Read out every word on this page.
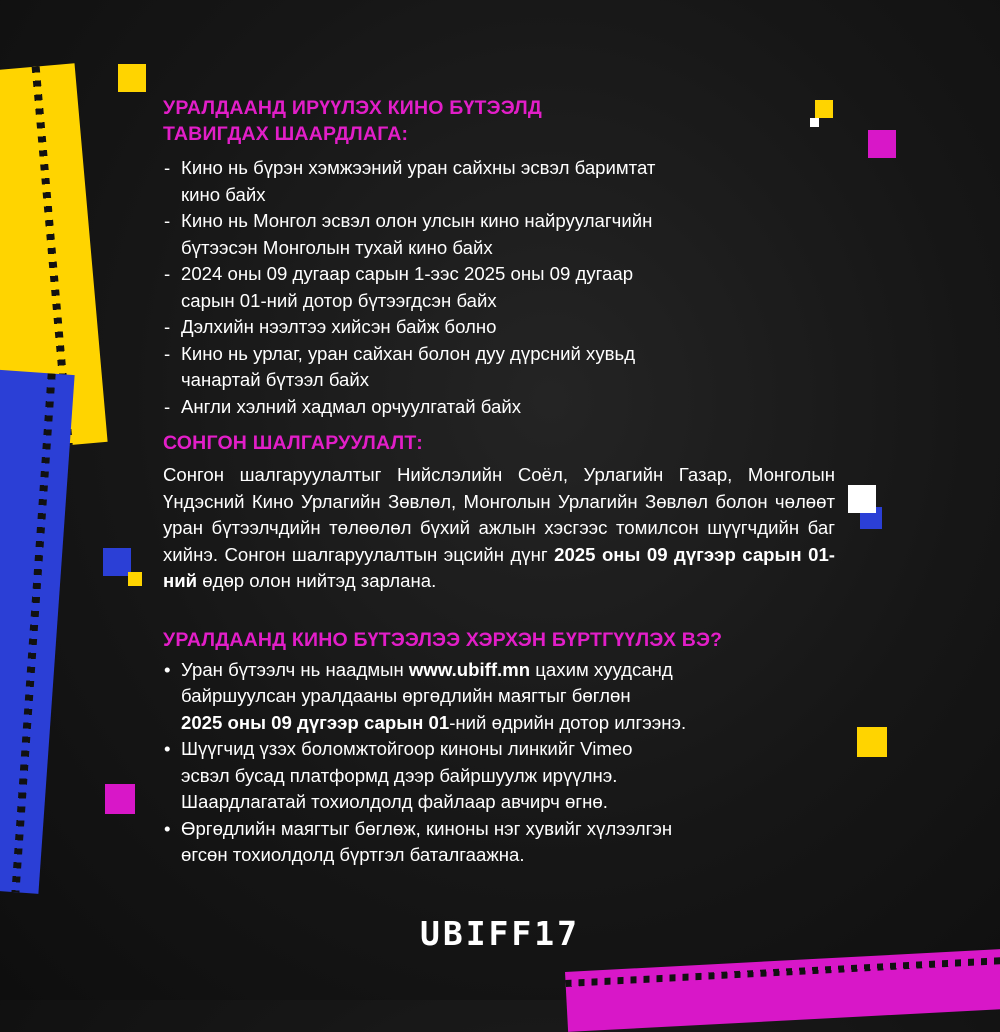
УРАЛДААНД ИРҮҮЛЭХ КИНО БҮТЭЭЛД
ТАВИГДАХ ШААРДЛАГА:
- Кино нь бүрэн хэмжээний уран сайхны эсвэл баримтат
кино байх
- Кино нь Монгол эсвэл олон улсын кино найруулагчийн
бүтээсэн Монголын тухай кино байх
- 2024 оны 09 дугаар сарын 1-ээс 2025 оны 09 дугаар
сарын 01-ний дотор бүтээгдсэн байх
- Дэлхийн нээлтээ хийсэн байж болно
- Кино нь урлаг, уран сайхан болон дуу дүрсний хувьд
чанартай бүтээл байх
- Англи хэлний хадмал орчуулгатай байх
СОНГОН ШАЛГАРУУЛАЛТ:

Сонгон шалгаруулалтыг Нийслэлийн Соёл, Урлагийн Газар, Монголын Үндэсний Кино Урлагийн Зөвлөл, Монголын Урлагийн Зөвлөл болон чөлөөт уран бүтээлчдийн төлөөлөл бүхий ажлын хэсгээс томилсон шүүгчдийн баг хийнэ. Сонгон шалгаруулалтын эцсийн дүнг 2025 оны 09 дүгээр сарын 01-ний өдөр олон нийтэд зарлана.

УРАЛДААНД КИНО БҮТЭЭЛЭЭ ХЭРХЭН БҮРТГҮҮЛЭХ ВЭ?
• Уран бүтээлч нь наадмын www.ubiff.mn цахим хуудсанд
байршуулсан уралдааны өргөдлийн маягтыг бөглөн
2025 оны 09 дүгээр сарын 01-ний өдрийн дотор илгээнэ.
• Шүүгчид үзэх боломжтойгоор киноны линкийг Vimeo
эсвэл бусад платформд дээр байршуулж ирүүлнэ.
Шаардлагатай тохиолдолд файлаар авчирч өгнө.
• Өргөдлийн маягтыг бөглөж, киноны нэг хувийг хүлээлгэн
өгсөн тохиолдолд бүртгэл баталгаажна.
UBIFF17
